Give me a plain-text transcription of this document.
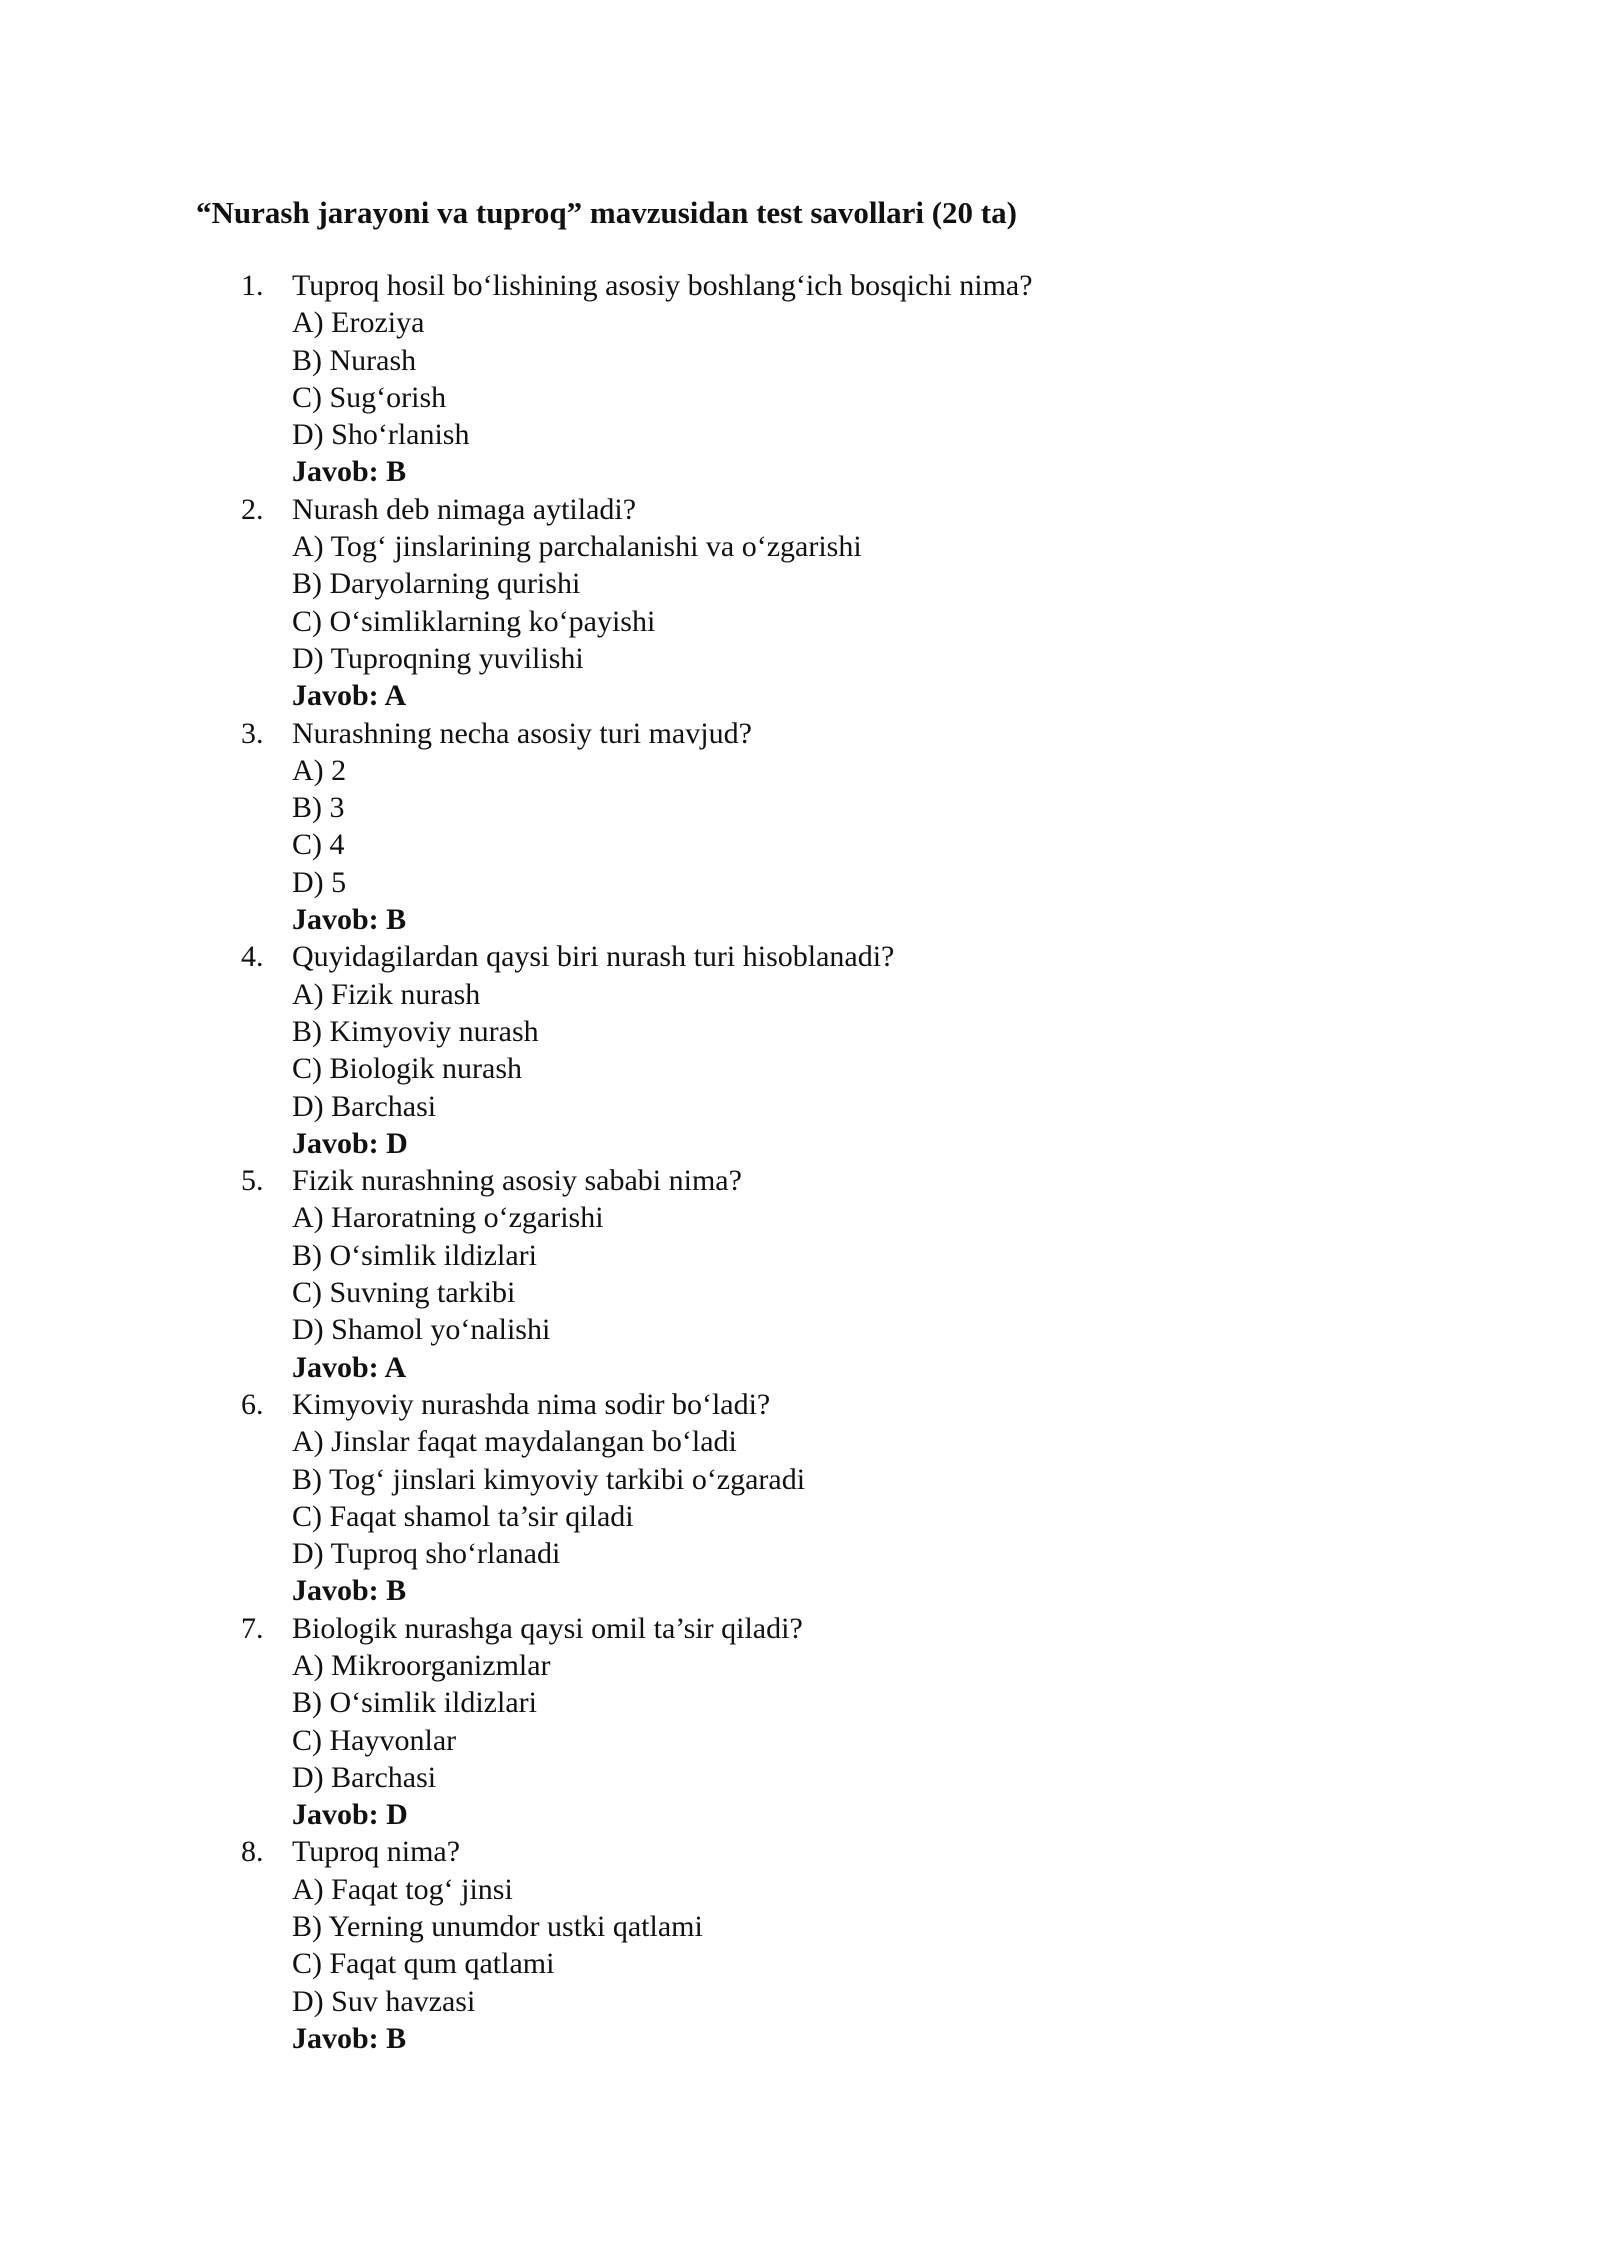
“Nurash jarayoni va tuproq” mavzusidan test savollari (20 ta)
1. Tuproq hosil bo‘lishining asosiy boshlang‘ich bosqichi nima?
A) Eroziya
B) Nurash
C) Sug‘orish
D) Sho‘rlanish
Javob: B
2. Nurash deb nimaga aytiladi?
A) Tog‘ jinslarining parchalanishi va o‘zgarishi
B) Daryolarning qurishi
C) O‘simliklarning ko‘payishi
D) Tuproqning yuvilishi
Javob: A
3. Nurashning necha asosiy turi mavjud?
A) 2
B) 3
C) 4
D) 5
Javob: B
4. Quyidagilardan qaysi biri nurash turi hisoblanadi?
A) Fizik nurash
B) Kimyoviy nurash
C) Biologik nurash
D) Barchasi
Javob: D
5. Fizik nurashning asosiy sababi nima?
A) Haroratning o‘zgarishi
B) O‘simlik ildizlari
C) Suvning tarkibi
D) Shamol yo‘nalishi
Javob: A
6. Kimyoviy nurashda nima sodir bo‘ladi?
A) Jinslar faqat maydalangan bo‘ladi
B) Tog‘ jinslari kimyoviy tarkibi o‘zgaradi
C) Faqat shamol ta’sir qiladi
D) Tuproq sho‘rlanadi
Javob: B
7. Biologik nurashga qaysi omil ta’sir qiladi?
A) Mikroorganizmlar
B) O‘simlik ildizlari
C) Hayvonlar
D) Barchasi
Javob: D
8. Tuproq nima?
A) Faqat tog‘ jinsi
B) Yerning unumdor ustki qatlami
C) Faqat qum qatlami
D) Suv havzasi
Javob: B
